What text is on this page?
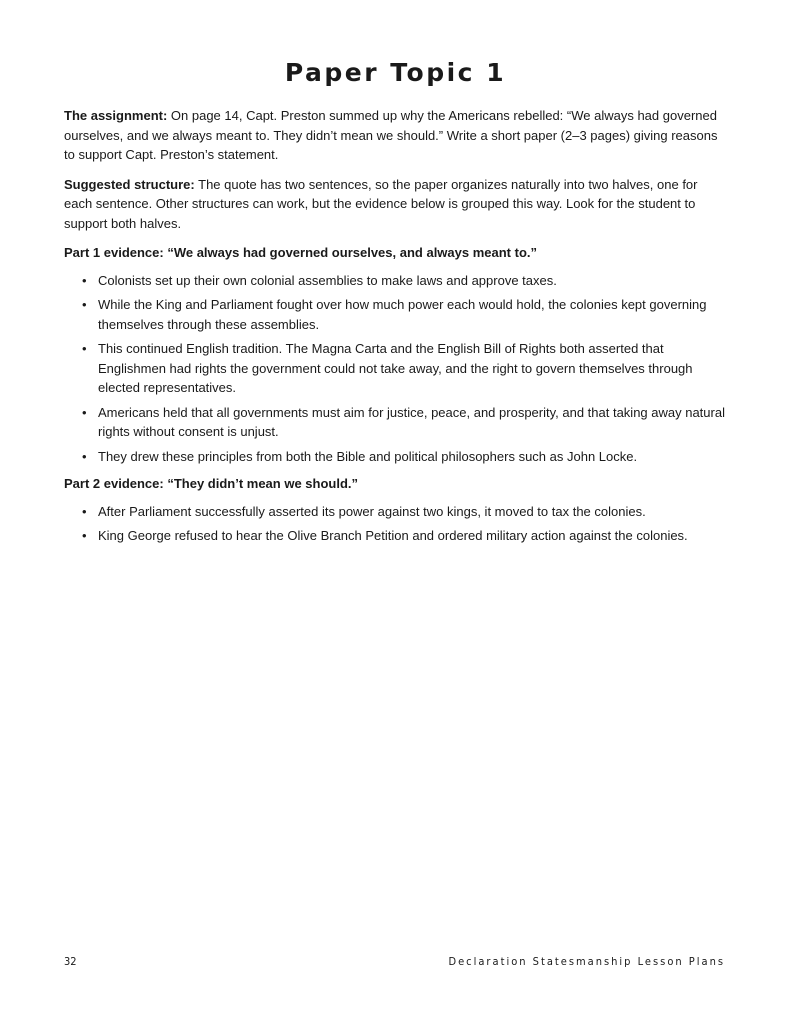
Paper Topic 1

The assignment: On page 14, Capt. Preston summed up why the Americans rebelled: “We always had governed ourselves, and we always meant to. They didn’t mean we should.” Write a short paper (2–3 pages) giving reasons to support Capt. Preston’s statement.

Suggested structure: The quote has two sentences, so the paper organizes naturally into two halves, one for each sentence. Other structures can work, but the evidence below is grouped this way. Look for the student to support both halves.

Part 1 evidence: “We always had governed ourselves, and always meant to.”

• Colonists set up their own colonial assemblies to make laws and approve taxes.
• While the King and Parliament fought over how much power each would hold, the colonies kept governing themselves through these assemblies.
• This continued English tradition. The Magna Carta and the English Bill of Rights both asserted that Englishmen had rights the government could not take away, and the right to govern themselves through elected representatives.
• Americans held that all governments must aim for justice, peace, and prosperity, and that taking away natural rights without consent is unjust.
• They drew these principles from both the Bible and political philosophers such as John Locke.

Part 2 evidence: “They didn’t mean we should.”

• After Parliament successfully asserted its power against two kings, it moved to tax the colonies.
• King George refused to hear the Olive Branch Petition and ordered military action against the colonies.
32	Declaration Statesmanship Lesson Plans
